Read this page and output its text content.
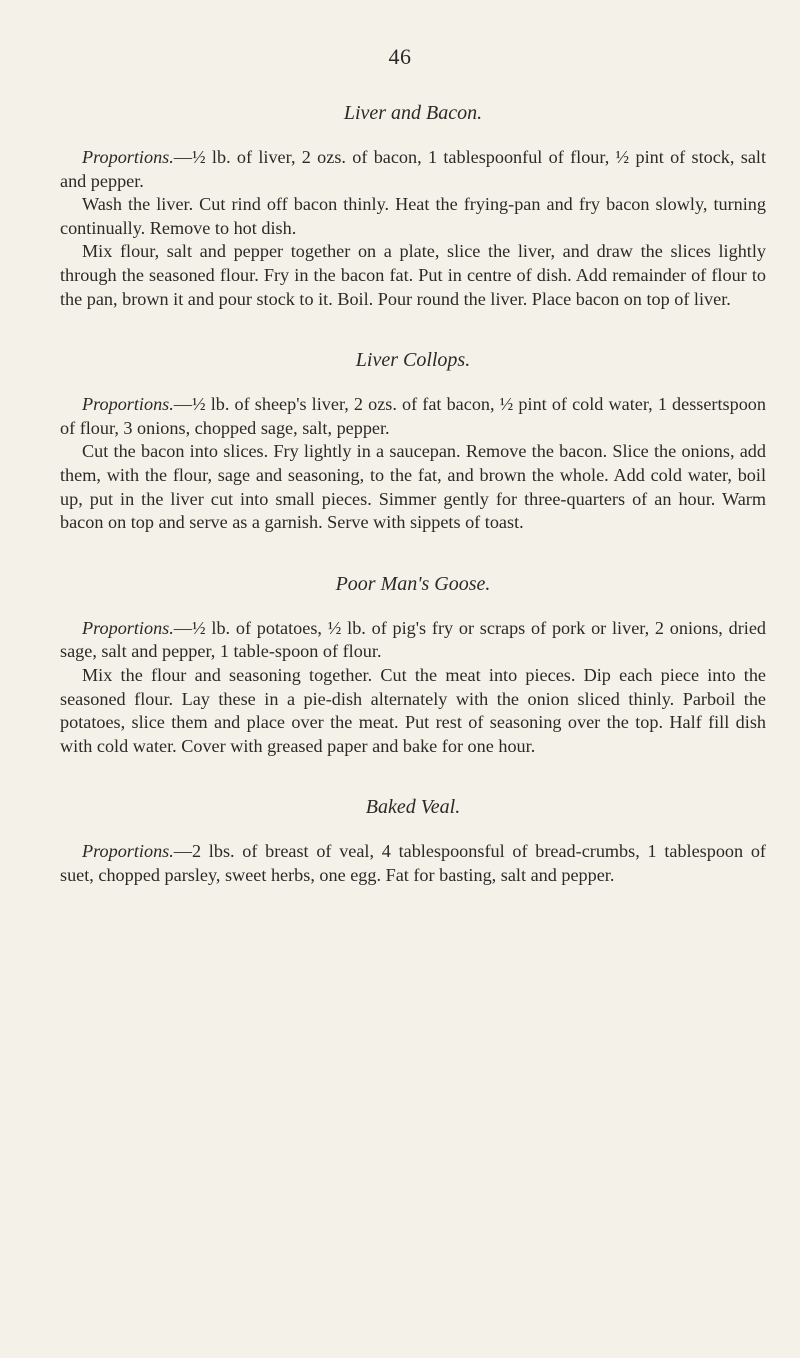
46
Liver and Bacon.

Proportions.—½ lb. of liver, 2 ozs. of bacon, 1 tablespoonful of flour, ½ pint of stock, salt and pepper.

Wash the liver. Cut rind off bacon thinly. Heat the frying-pan and fry bacon slowly, turning continually. Remove to hot dish.

Mix flour, salt and pepper together on a plate, slice the liver, and draw the slices lightly through the seasoned flour. Fry in the bacon fat. Put in centre of dish. Add remainder of flour to the pan, brown it and pour stock to it. Boil. Pour round the liver. Place bacon on top of liver.

Liver Collops.

Proportions.—½ lb. of sheep's liver, 2 ozs. of fat bacon, ½ pint of cold water, 1 dessertspoon of flour, 3 onions, chopped sage, salt, pepper.

Cut the bacon into slices. Fry lightly in a saucepan. Remove the bacon. Slice the onions, add them, with the flour, sage and seasoning, to the fat, and brown the whole. Add cold water, boil up, put in the liver cut into small pieces. Simmer gently for three-quarters of an hour. Warm bacon on top and serve as a garnish. Serve with sippets of toast.

Poor Man's Goose.

Proportions.—½ lb. of potatoes, ½ lb. of pig's fry or scraps of pork or liver, 2 onions, dried sage, salt and pepper, 1 table-spoon of flour.

Mix the flour and seasoning together. Cut the meat into pieces. Dip each piece into the seasoned flour. Lay these in a pie-dish alternately with the onion sliced thinly. Parboil the potatoes, slice them and place over the meat. Put rest of seasoning over the top. Half fill dish with cold water. Cover with greased paper and bake for one hour.

Baked Veal.

Proportions.—2 lbs. of breast of veal, 4 tablespoonsful of bread-crumbs, 1 tablespoon of suet, chopped parsley, sweet herbs, one egg. Fat for basting, salt and pepper.
